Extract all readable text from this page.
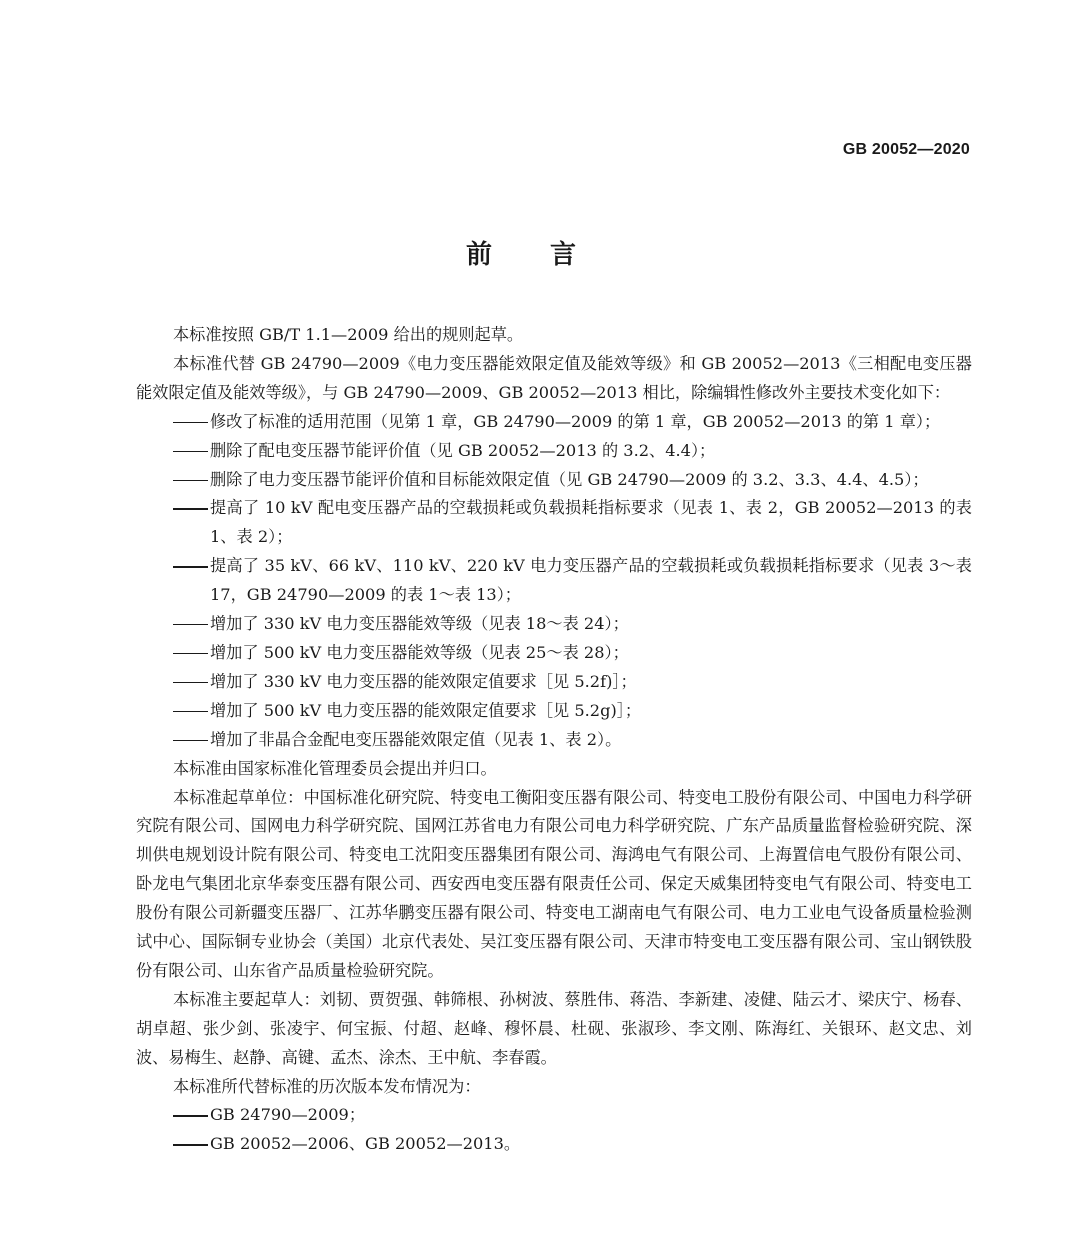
GB 20052—2020
前言

本标准按照 GB/T 1.1—2009 给出的规则起草。

本标准代替 GB 24790—2009《电力变压器能效限定值及能效等级》和 GB 20052—2013《三相配电变压器能效限定值及能效等级》，与 GB 24790—2009、GB 20052—2013 相比，除编辑性修改外主要技术变化如下：

修改了标准的适用范围（见第 1 章，GB 24790—2009 的第 1 章，GB 20052—2013 的第 1 章）；

删除了配电变压器节能评价值（见 GB 20052—2013 的 3.2、4.4）；

删除了电力变压器节能评价值和目标能效限定值（见 GB 24790—2009 的 3.2、3.3、4.4、4.5）；

提高了 10 kV 配电变压器产品的空载损耗或负载损耗指标要求（见表 1、表 2，GB 20052—2013 的表 1、表 2）；

提高了 35 kV、66 kV、110 kV、220 kV 电力变压器产品的空载损耗或负载损耗指标要求（见表 3～表 17，GB 24790—2009 的表 1～表 13）；

增加了 330 kV 电力变压器能效等级（见表 18～表 24）；

增加了 500 kV 电力变压器能效等级（见表 25～表 28）；

增加了 330 kV 电力变压器的能效限定值要求［见 5.2f)］；

增加了 500 kV 电力变压器的能效限定值要求［见 5.2g)］；

增加了非晶合金配电变压器能效限定值（见表 1、表 2）。

本标准由国家标准化管理委员会提出并归口。

本标准起草单位：中国标准化研究院、特变电工衡阳变压器有限公司、特变电工股份有限公司、中国电力科学研究院有限公司、国网电力科学研究院、国网江苏省电力有限公司电力科学研究院、广东产品质量监督检验研究院、深圳供电规划设计院有限公司、特变电工沈阳变压器集团有限公司、海鸿电气有限公司、上海置信电气股份有限公司、卧龙电气集团北京华泰变压器有限公司、西安西电变压器有限责任公司、保定天威集团特变电气有限公司、特变电工股份有限公司新疆变压器厂、江苏华鹏变压器有限公司、特变电工湖南电气有限公司、电力工业电气设备质量检验测试中心、国际铜专业协会（美国）北京代表处、吴江变压器有限公司、天津市特变电工变压器有限公司、宝山钢铁股份有限公司、山东省产品质量检验研究院。

本标准主要起草人：刘韧、贾贺强、韩筛根、孙树波、蔡胜伟、蒋浩、李新建、凌健、陆云才、梁庆宁、杨春、胡卓超、张少剑、张凌宇、何宝振、付超、赵峰、穆怀晨、杜砚、张淑珍、李文刚、陈海红、关银环、赵文忠、刘波、易梅生、赵静、高键、孟杰、涂杰、王中航、李春霞。

本标准所代替标准的历次版本发布情况为：

GB 24790—2009；

GB 20052—2006、GB 20052—2013。
